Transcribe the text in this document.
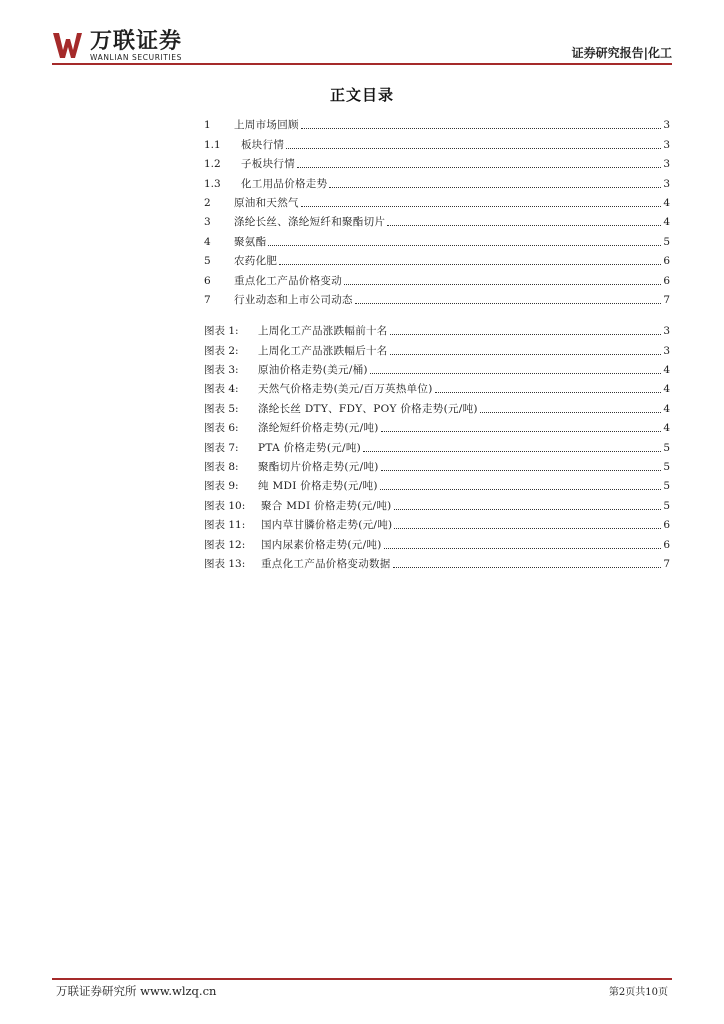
万联证券
WANLIAN SECURITIES	证券研究报告|化工
正文目录
1	上周市场回顾	3
1.1	板块行情	3
1.2	子板块行情	3
1.3	化工用品价格走势	3
2	原油和天然气	4
3	涤纶长丝、涤纶短纤和聚酯切片	4
4	聚氨酯	5
5	农药化肥	6
6	重点化工产品价格变动	6
7	行业动态和上市公司动态	7
图表 1:	上周化工产品涨跌幅前十名	3
图表 2:	上周化工产品涨跌幅后十名	3
图表 3:	原油价格走势(美元/桶)	4
图表 4:	天然气价格走势(美元/百万英热单位)	4
图表 5:	涤纶长丝 DTY、FDY、POY 价格走势(元/吨)	4
图表 6:	涤纶短纤价格走势(元/吨)	4
图表 7:	PTA 价格走势(元/吨)	5
图表 8:	聚酯切片价格走势(元/吨)	5
图表 9:	纯 MDI 价格走势(元/吨)	5
图表 10:	聚合 MDI 价格走势(元/吨)	5
图表 11:	国内草甘膦价格走势(元/吨)	6
图表 12:	国内尿素价格走势(元/吨)	6
图表 13:	重点化工产品价格变动数据	7
万联证券研究所 www.wlzq.cn	第2页共10页
